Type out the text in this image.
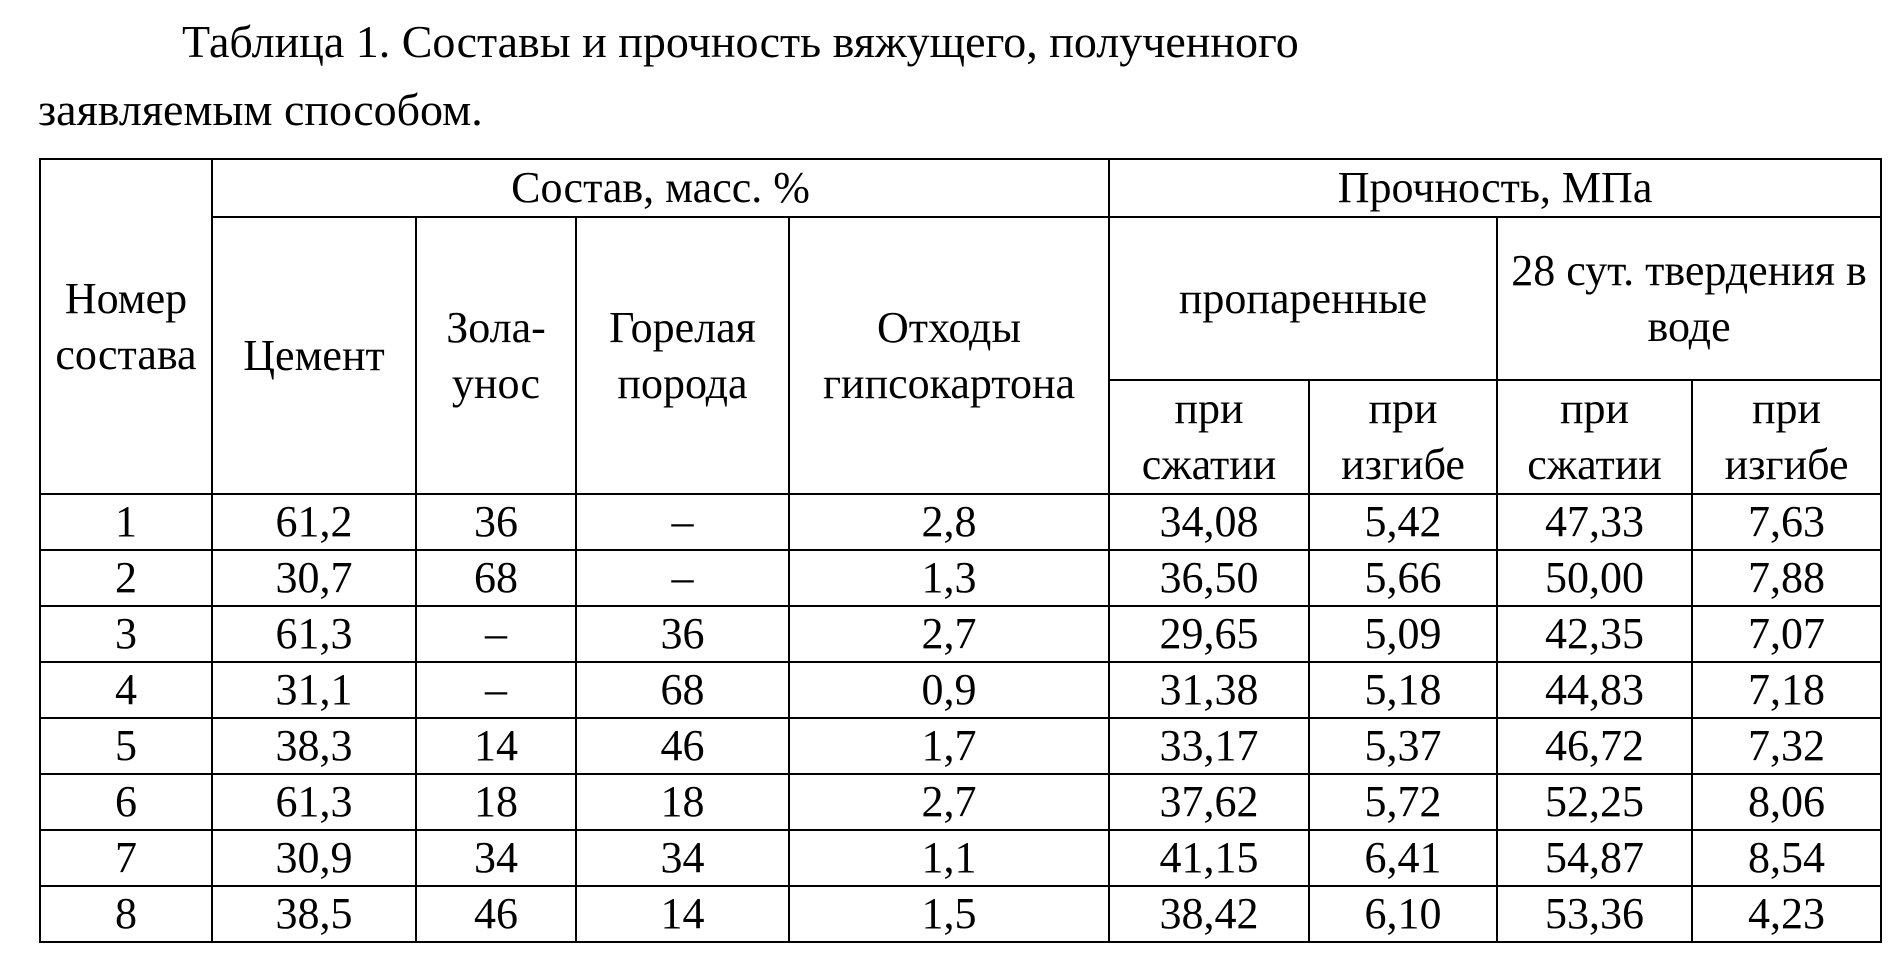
Таблица 1. Составы и прочность вяжущего, полученного
заявляемым способом.

Номер состава	Состав, масс. %				Прочность, МПа			
	Цемент	Зола-унос	Горелая порода	Отходы гипсокартона	пропаренные		28 сут. твердения в воде	
					при сжатии	при изгибе	при сжатии	при изгибе
1	61,2	36	–	2,8	34,08	5,42	47,33	7,63
2	30,7	68	–	1,3	36,50	5,66	50,00	7,88
3	61,3	–	36	2,7	29,65	5,09	42,35	7,07
4	31,1	–	68	0,9	31,38	5,18	44,83	7,18
5	38,3	14	46	1,7	33,17	5,37	46,72	7,32
6	61,3	18	18	2,7	37,62	5,72	52,25	8,06
7	30,9	34	34	1,1	41,15	6,41	54,87	8,54
8	38,5	46	14	1,5	38,42	6,10	53,36	4,23
